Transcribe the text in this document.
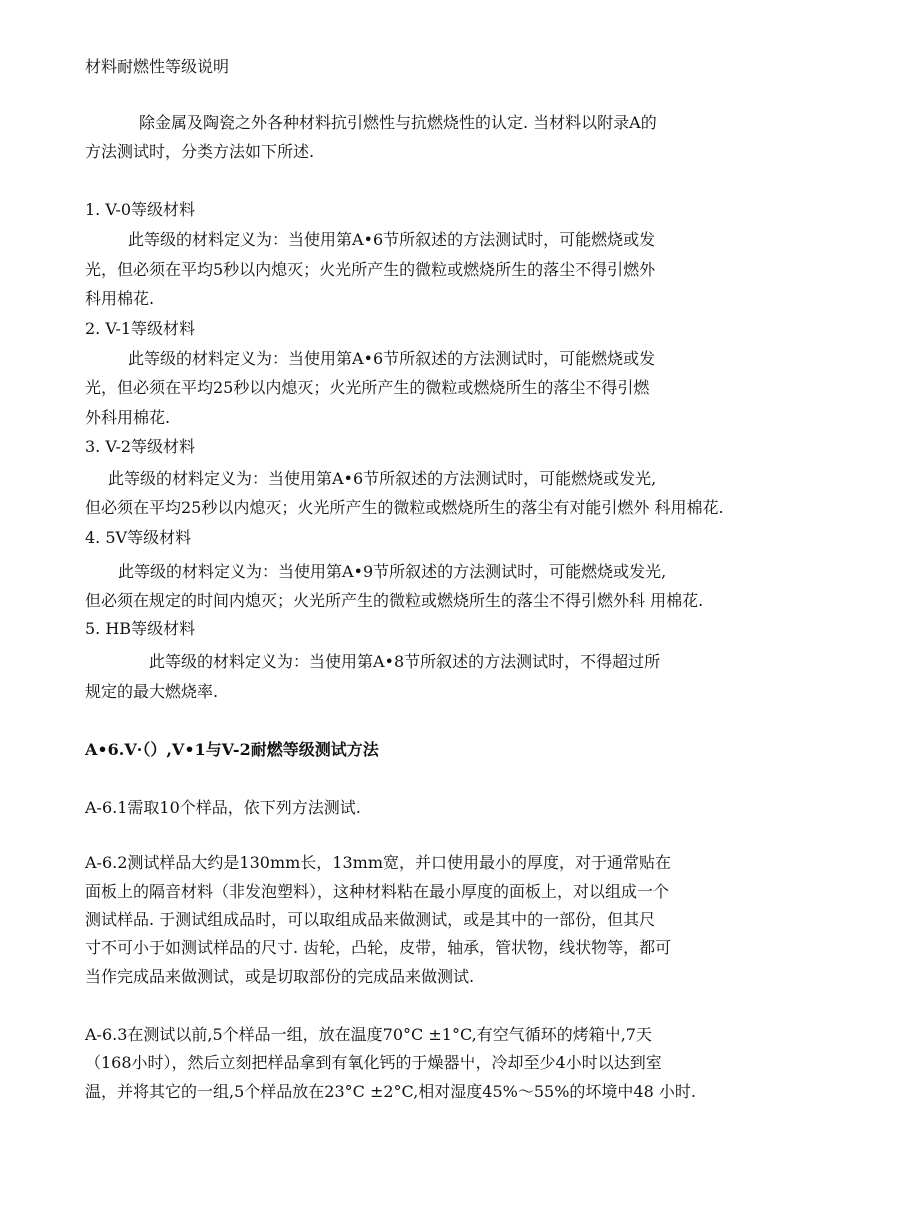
材料耐燃性等级说明
除金属及陶瓷之外各种材料抗引燃性与抗燃烧性的认定. 当材料以附录A的
方法测试时，分类方法如下所述.
1. V-0等级材料
此等级的材料定义为：当使用第A•6节所叙述的方法测试时，可能燃烧或发
光，但必须在平均5秒以内熄灭；火光所产生的微粒或燃烧所生的落尘不得引燃外
科用棉花.
2. V-1等级材料
此等级的材料定义为：当使用第A•6节所叙述的方法测试时，可能燃烧或发
光，但必须在平均25秒以内熄灭；火光所产生的微粒或燃烧所生的落尘不得引燃
外科用棉花.
3. V-2等级材料
此等级的材料定义为：当使用第A•6节所叙述的方法测试时，可能燃烧或发光,
但必须在平均25秒以内熄灭；火光所产生的微粒或燃烧所生的落尘有对能引燃外 科用棉花.
4. 5V等级材料
此等级的材料定义为：当使用第A•9节所叙述的方法测试时，可能燃烧或发光,
但必须在规定的时间内熄灭；火光所产生的微粒或燃烧所生的落尘不得引燃外科 用棉花.
5. HB等级材料
此等级的材料定义为：当使用第A•8节所叙述的方法测试时，不得超过所
规定的最大燃烧率.
A•6.V·（）,V•1与V-2耐燃等级测试方法
A-6.1需取10个样品，依下列方法测试.
A-6.2测试样品大约是130mm长，13mm宽，并口使用最小的厚度，对于通常贴在
面板上的隔音材料（非发泡塑料），这种材料粘在最小厚度的面板上，对以组成一个
测试样品. 于测试组成品时，可以取组成品来做测试，或是其中的一部份，但其尺
寸不可小于如测试样品的尺寸. 齿轮，凸轮，皮带，轴承，管状物，线状物等，都可
当作完成品来做测试，或是切取部份的完成品来做测试.
A-6.3在测试以前,5个样品一组，放在温度70°C ±1°C,有空气循环的烤箱屮,7天
（168小时），然后立刻把样品拿到有氧化钙的于燥器屮，冷却至少4小时以达到室
温，并将其它的一组,5个样品放在23°C ±2°C,相对湿度45%～55%的坏境中48 小时.
